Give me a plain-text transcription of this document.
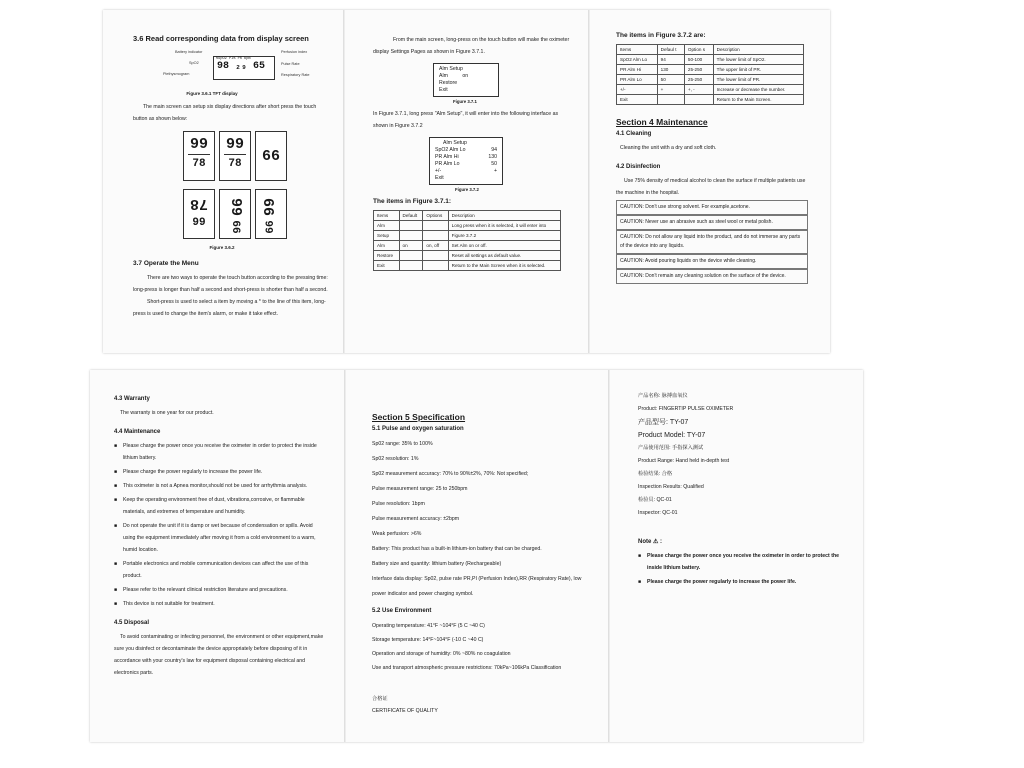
3.6 Read corresponding data from display screen
Battery indicator	Perfusion index
SpO2	Pulse Rate
Plethysmogram	Respiratory Rate
%SpO2 PI% PR bpm
98 ₂₉ 65
Figure 3.6.1 TFT display

The main screen can setup six display directions after short press the touch button as shown below:

99
78
99
78	66
78
99
99
66
99
66
Figure 3.6.2
3.7 Operate the Menu

There are two ways to operate the touch button according to the pressing time: long-press is longer than half a second and short-press is shorter than half a second.

Short-press is used to select a item by moving a * to the line of this item, long-press is used to change the item's alarm, or make it take effect.

From the main screen, long-press on the touch button will make the oximeter display Settings Pages as shown in Figure 3.7.1.

Alm Setup
Alm          on
Restore
Exit
Figure 3.7.1

In Figure 3.7.1, long press "Alm Setup", it will enter into the following interface as shown in Figure 3.7.2

Alm Setup
SpO2 Alm Lo	94
PR Alm Hi	130
PR Alm Lo	50
+/-	+
Exit
Figure 3.7.2
The items in Figure 3.7.1:
Items	Default	Options	Description
Alm			Long press when it is selected, it will enter into
Setup			Figure 3.7.2
Alm	on	on, off	Set Alm on or off.
Restore			Reset all settings as default value.
Exit			Return to the Main Screen when it is selected.
The items in Figure 3.7.2 are:
Items	Defaul t	Option s	Description
SpO2 Alm Lo	94	50-100	The lower limit of SpO2.
PR Alm Hi	130	25-250	The upper limit of PR.
PR Alm Lo	50	25-250	The lower limit of PR.
+/-	+	+, -	Increase or decrease the number.
Exit			Return to the Main Screen.
Section 4 Maintenance
4.1 Cleaning

Cleaning the unit with a dry and soft cloth.

4.2 Disinfection

Use 75% density of medical alcohol to clean the surface if multiple patients use the machine in the hospital.

CAUTION: Don't use strong solvent. For example,acetone.

CAUTION: Never use an abrasive such as steel wool or metal polish.

CAUTION: Do not allow any liquid into the product, and do not immerse any parts of the device into any liquids.

CAUTION: Avoid pouring liquids on the device while cleaning.

CAUTION: Don't remain any cleaning solution on the surface of the device.

4.3 Warranty

The warranty is one year for our product.

4.4 Maintenance

■ Please charge the power once you receive the oximeter in order to protect the inside lithium battery.

■ Please charge the power regularly to increase the power life.

■ This oximeter is not a Apnea monitor,should not be used for arrhythmia analysis.

■ Keep the operating environment free of dust, vibrations,corrosive, or flammable materials, and extremes of temperature and humidity.

■ Do not operate the unit if it is damp or wet because of condensation or spills. Avoid using the equipment immediately after moving it from a cold environment to a warm, humid location.

■ Portable electronics and mobile communication devices can affect the use of this product.

■ Please refer to the relevant clinical restriction literature and precautions.

■ This device is not suitable for treatment.

4.5 Disposal

To avoid contaminating or infecting personnel, the environment or other equipment,make sure you disinfect or decontaminate the device appropriately before disposing of it in accordance with your country's law for equipment disposal containing electrical and electronics parts.

Section 5 Specification
5.1 Pulse and oxygen saturation

Sp02 range: 35% to 100%

Sp02 resolution: 1%

Sp02 measurement accuracy: 70% to 90%±2%, 70%: Not specified;

Pulse measurement range: 25 to 250bpm

Pulse resolution: 1bpm

Pulse measurement accuracy: ±2bpm

Weak perfusion: >6%

Battery: This product has a built-in lithium-ion battery that can be charged.

Battery size and quantity: lithium battery (Rechargeable)

Interface data display: Sp02, pulse rate PR,PI (Perfusion Index),RR (Respiratory Rate), low power indicator and power charging symbol.

5.2 Use Environment

Operating temperature: 41°F ~104°F (5 C ~40 C)

Storage temperature: 14°F~104°F (-10 C ~40 C)

Operation and storage of humidity: 0% ~80% no coagulation

Use and transport atmospheric pressure restrictions: 70kPa~106kPa Classification

合格证

CERTIFICATE OF QUALITY

产品名称: 脉搏血氧仪

Product: FINGERTIP PULSE OXIMETER

产品型号: TY-07

Product Model: TY-07

产品使用范围: 手指探入测试

Product Range: Hand held in-depth test

检验结果: 合格

Inspection Results: Qualified

检验员: QC-01

Inspector: QC-01

Note ⚠ :

■ Please charge the power once you receive the oximeter in order to protect the inside lithium battery.

■ Please charge the power regularly to increase the power life.
